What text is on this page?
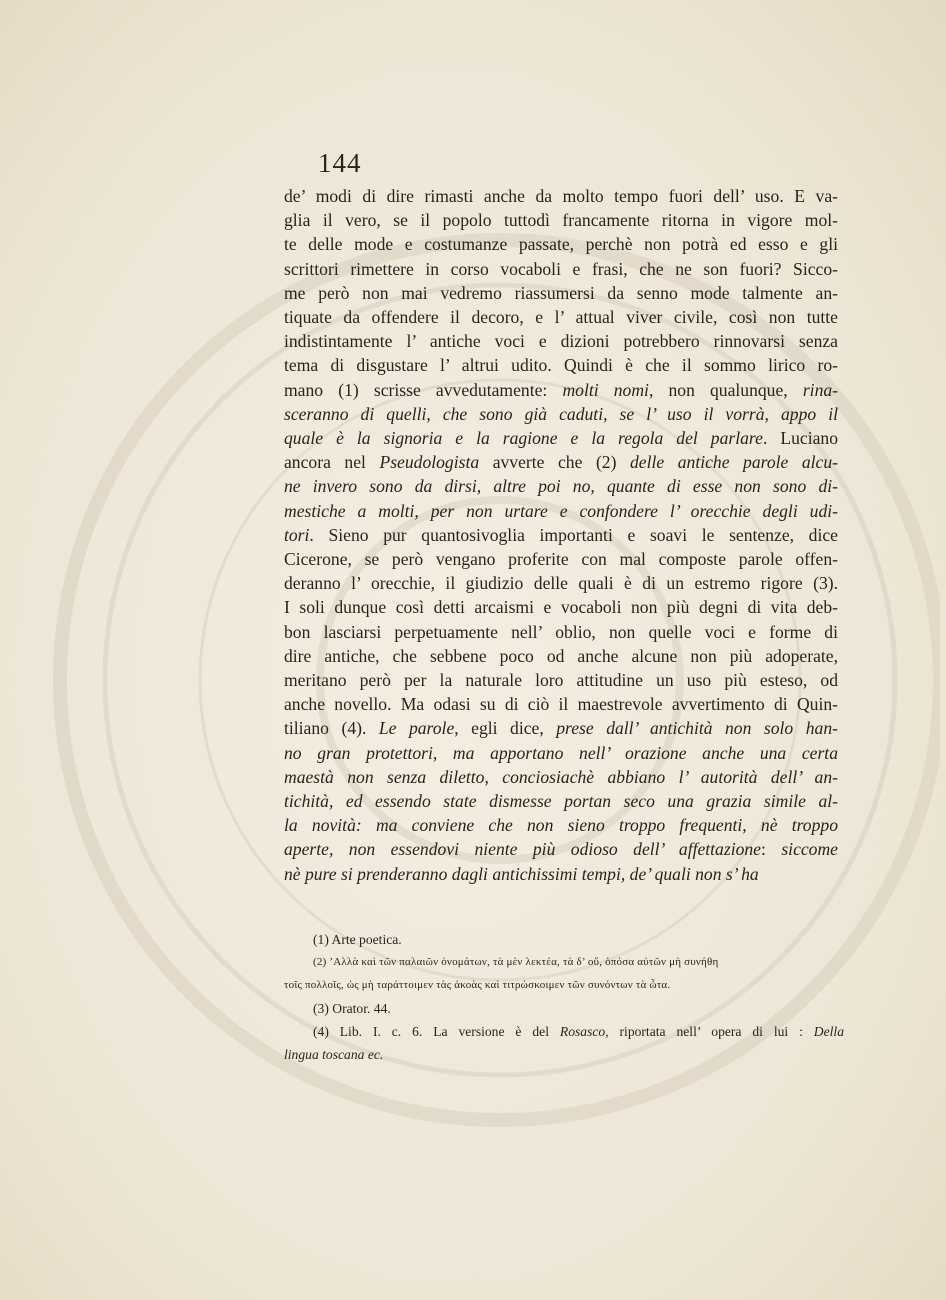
144
de’ modi di dire rimasti anche da molto tempo fuori dell’ uso. E va-
glia il vero, se il popolo tuttodì francamente ritorna in vigore mol-
te delle mode e costumanze passate, perchè non potrà ed esso e gli
scrittori rimettere in corso vocaboli e frasi, che ne son fuori? Sicco-
me però non mai vedremo riassumersi da senno mode talmente an-
tiquate da offendere il decoro, e l’ attual viver civile, così non tutte
indistintamente l’ antiche voci e dizioni potrebbero rinnovarsi senza
tema di disgustare l’ altrui udito. Quindi è che il sommo lirico ro-
mano (1) scrisse avvedutamente: molti nomi, non qualunque, rina-
sceranno di quelli, che sono già caduti, se l’ uso il vorrà, appo il
quale è la signoria e la ragione e la regola del parlare. Luciano
ancora nel Pseudologista avverte che (2) delle antiche parole alcu-
ne invero sono da dirsi, altre poi no, quante di esse non sono di-
mestiche a molti, per non urtare e confondere l’ orecchie degli udi-
tori. Sieno pur quantosivoglia importanti e soavi le sentenze, dice
Cicerone, se però vengano proferite con mal composte parole offen-
deranno l’ orecchie, il giudizio delle quali è di un estremo rigore (3).
I soli dunque così detti arcaismi e vocaboli non più degni di vita deb-
bon lasciarsi perpetuamente nell’ oblio, non quelle voci e forme di
dire antiche, che sebbene poco od anche alcune non più adoperate,
meritano però per la naturale loro attitudine un uso più esteso, od
anche novello. Ma odasi su di ciò il maestrevole avvertimento di Quin-
tiliano (4). Le parole, egli dice, prese dall’ antichità non solo han-
no gran protettori, ma apportano nell’ orazione anche una certa
maestà non senza diletto, conciosiachè abbiano l’ autorità dell’ an-
tichità, ed essendo state dismesse portan seco una grazia simile al-
la novità: ma conviene che non sieno troppo frequenti, nè troppo
aperte, non essendovi niente più odioso dell’ affettazione: siccome
nè pure si prenderanno dagli antichissimi tempi, de’ quali non s’ ha
(1) Arte poetica.
(2) ’Αλλὰ καὶ τῶν παλαιῶν ὀνομάτων, τὰ μὲν λεκτέα, τὰ δ’ οὔ, ὁπόσα αὐτῶν μὴ συνήθη
τοῖς πολλοῖς, ὡς μὴ ταράττοιμεν τὰς ἀκοὰς καὶ τιτρώσκοιμεν τῶν συνόντων τὰ ὦτα.
(3) Orator. 44.
(4) Lib. I. c. 6. La versione è del Rosasco, riportata nell’ opera di lui : Della
lingua toscana ec.
